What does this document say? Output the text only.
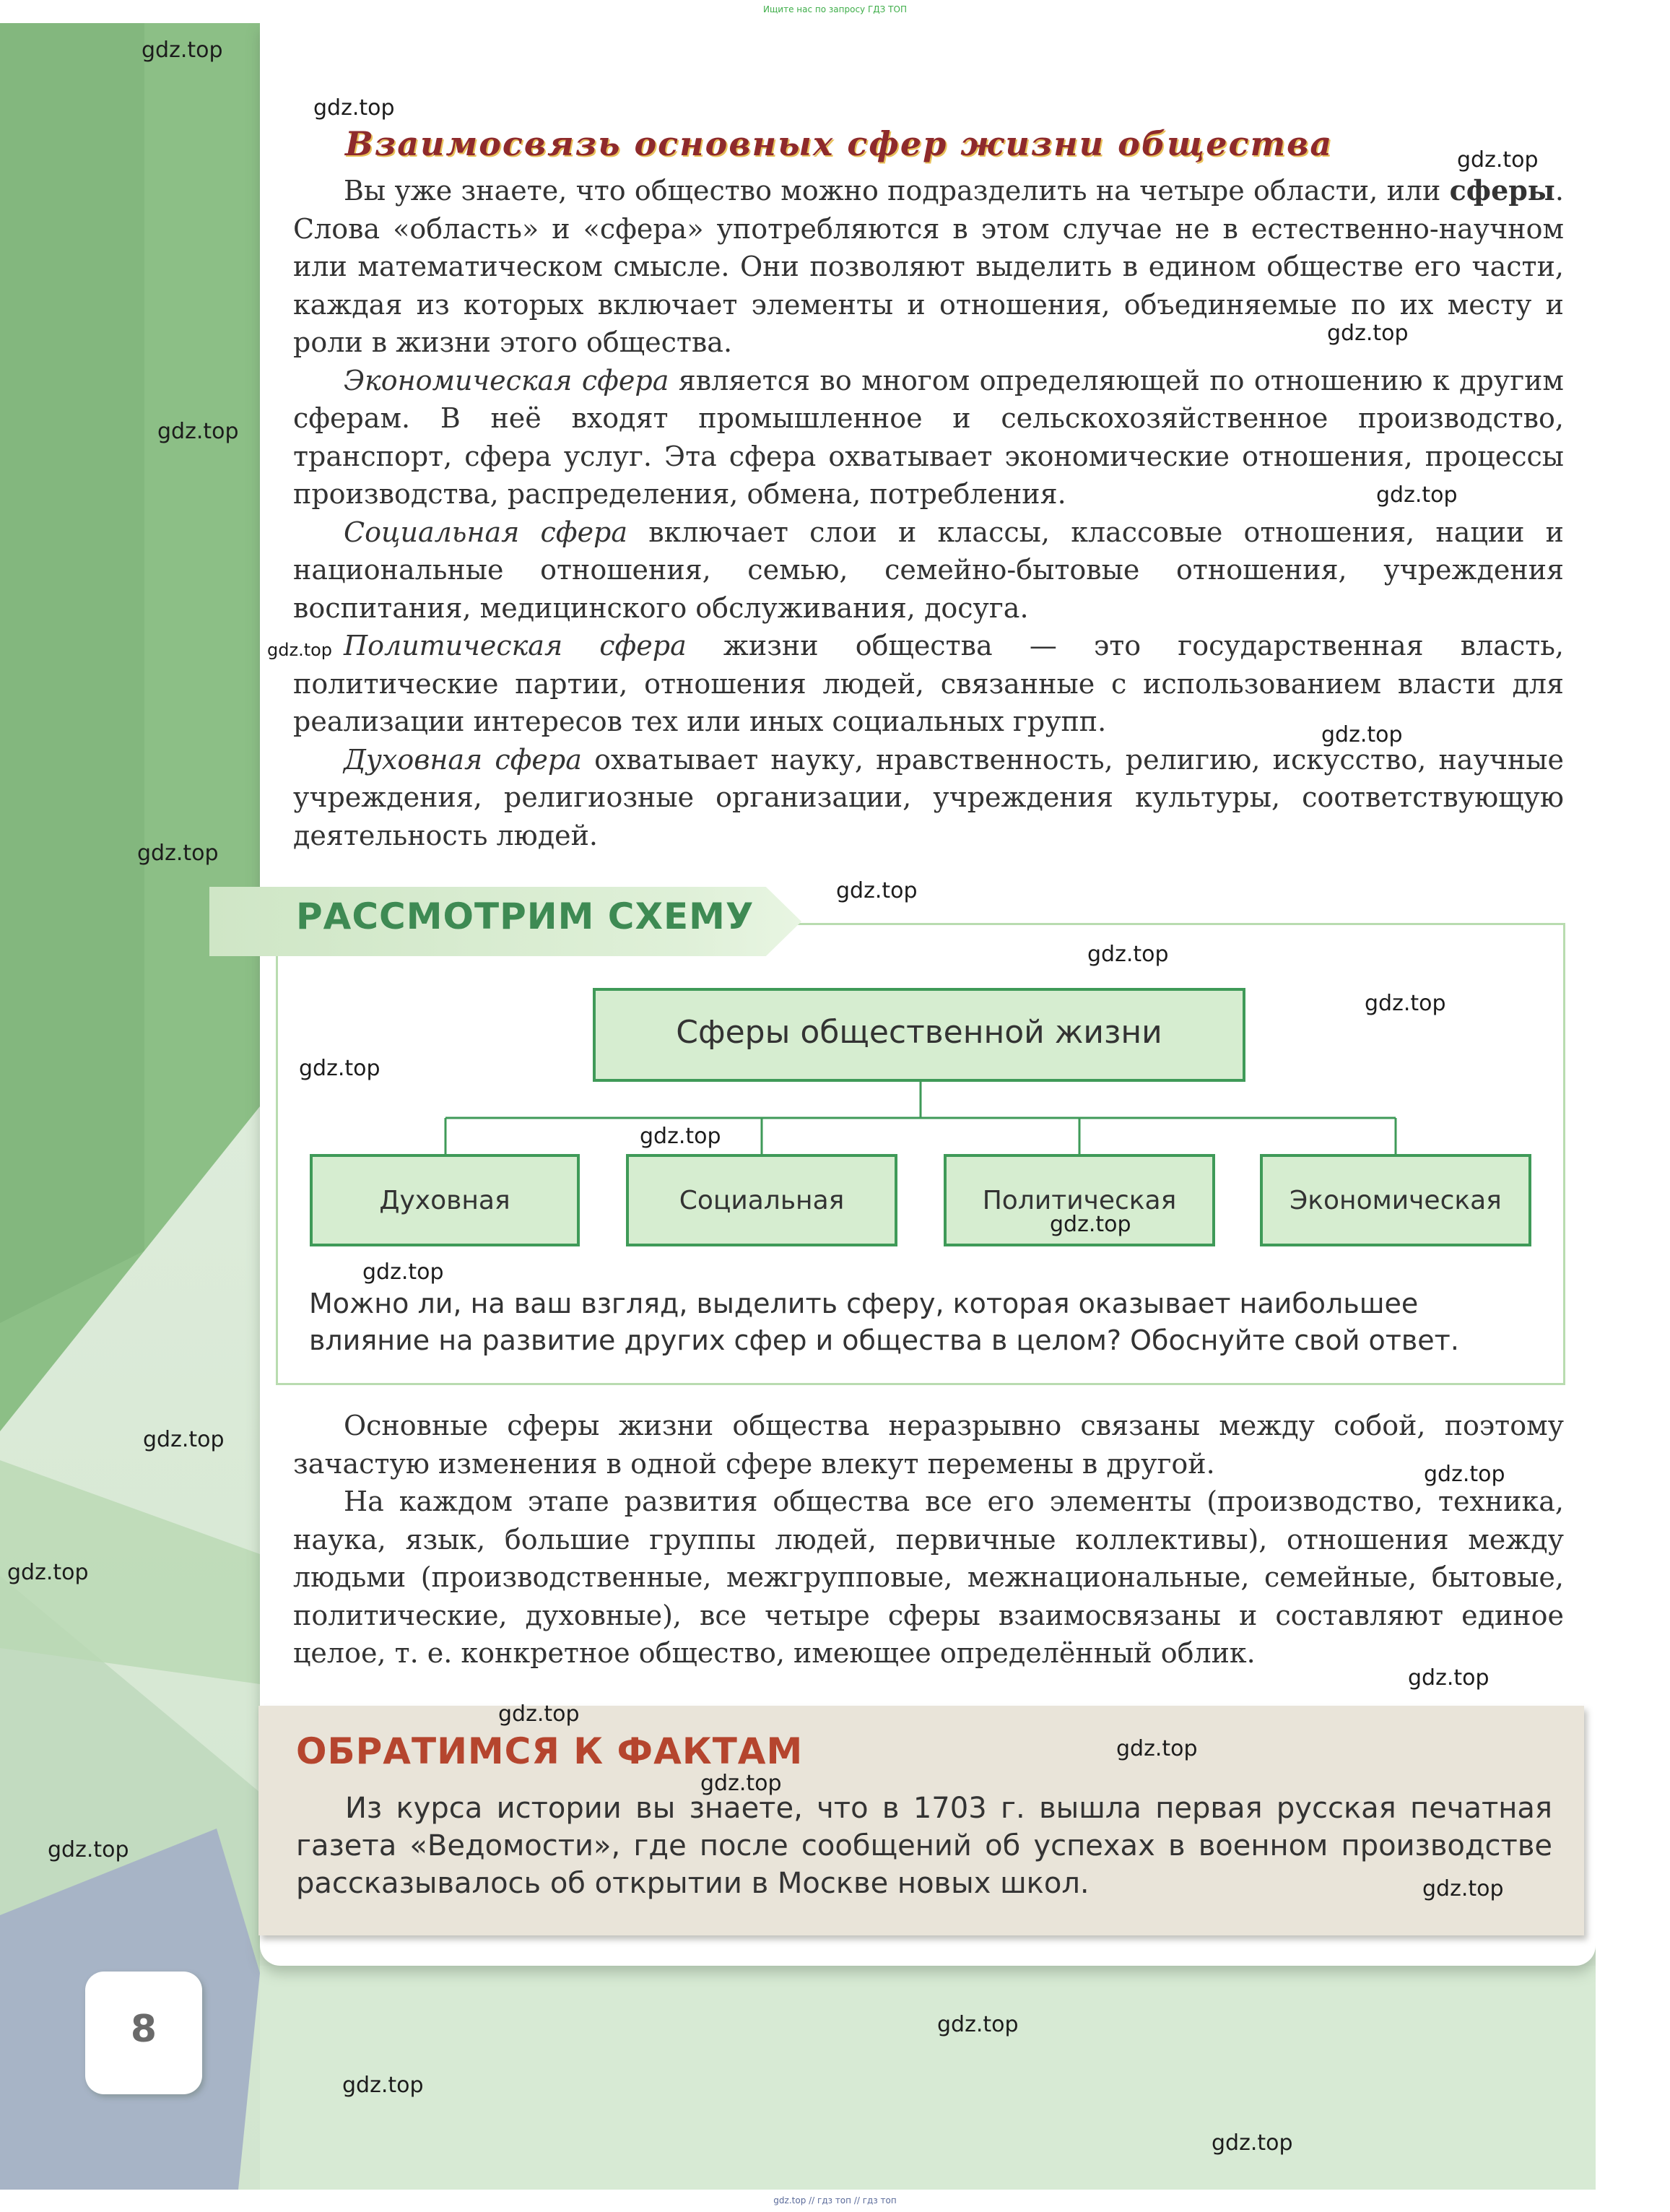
Ищите нас по запросу ГДЗ ТОП
Взаимосвязь основных сфер жизни общества

Вы уже знаете, что общество можно подразделить на четыре области, или сферы. Слова «область» и «сфера» употребляются в этом случае не в естественно-научном или математическом смысле. Они позволяют выделить в едином обществе его части, каждая из которых включает элементы и отношения, объединяемые по их месту и роли в жизни этого общества.

Экономическая сфера является во многом определяющей по отношению к другим сферам. В неё входят промышленное и сельскохозяйственное производство, транспорт, сфера услуг. Эта сфера охватывает экономические отношения, процессы производства, распределения, обмена, потребления.

Социальная сфера включает слои и классы, классовые отношения, нации и национальные отношения, семью, семейно-бытовые отношения, учреждения воспитания, медицинского обслуживания, досуга.

Политическая сфера жизни общества — это государственная власть, политические партии, отношения людей, связанные с использованием власти для реализации интересов тех или иных социальных групп.

Духовная сфера охватывает науку, нравственность, религию, искусство, научные учреждения, религиозные организации, учреждения культуры, соответствующую деятельность людей.

РАССМОТРИМ СХЕМУ
Сферы общественной жизни
Духовная	Социальная	Политическая	Экономическая

Можно ли, на ваш взгляд, выделить сферу, которая оказывает наибольшее влияние на развитие других сфер и общества в целом? Обоснуйте свой ответ.

Основные сферы жизни общества неразрывно связаны между собой, поэтому зачастую изменения в одной сфере влекут перемены в другой.

На каждом этапе развития общества все его элементы (производство, техника, наука, язык, большие группы людей, первичные коллективы), отношения между людьми (производственные, межгрупповые, межнациональные, семейные, бытовые, политические, духовные), все четыре сферы взаимосвязаны и составляют единое целое, т. е. конкретное общество, имеющее определённый облик.

ОБРАТИМСЯ К ФАКТАМ

Из курса истории вы знаете, что в 1703 г. вышла первая русская печатная газета «Ведомости», где после сообщений об успехах в военном производстве рассказывалось об открытии в Москве новых школ.

8
gdz.top
gdz.top
gdz.top
gdz.top
gdz.top
gdz.top
gdz.top
gdz.top
gdz.top
gdz.top
gdz.top
gdz.top
gdz.top
gdz.top
gdz.top
gdz.top
gdz.top
gdz.top
gdz.top
gdz.top
gdz.top
gdz.top
gdz.top
gdz.top
gdz.top
gdz.top
gdz.top
gdz.top
gdz.top // гдз топ // гдз топ
